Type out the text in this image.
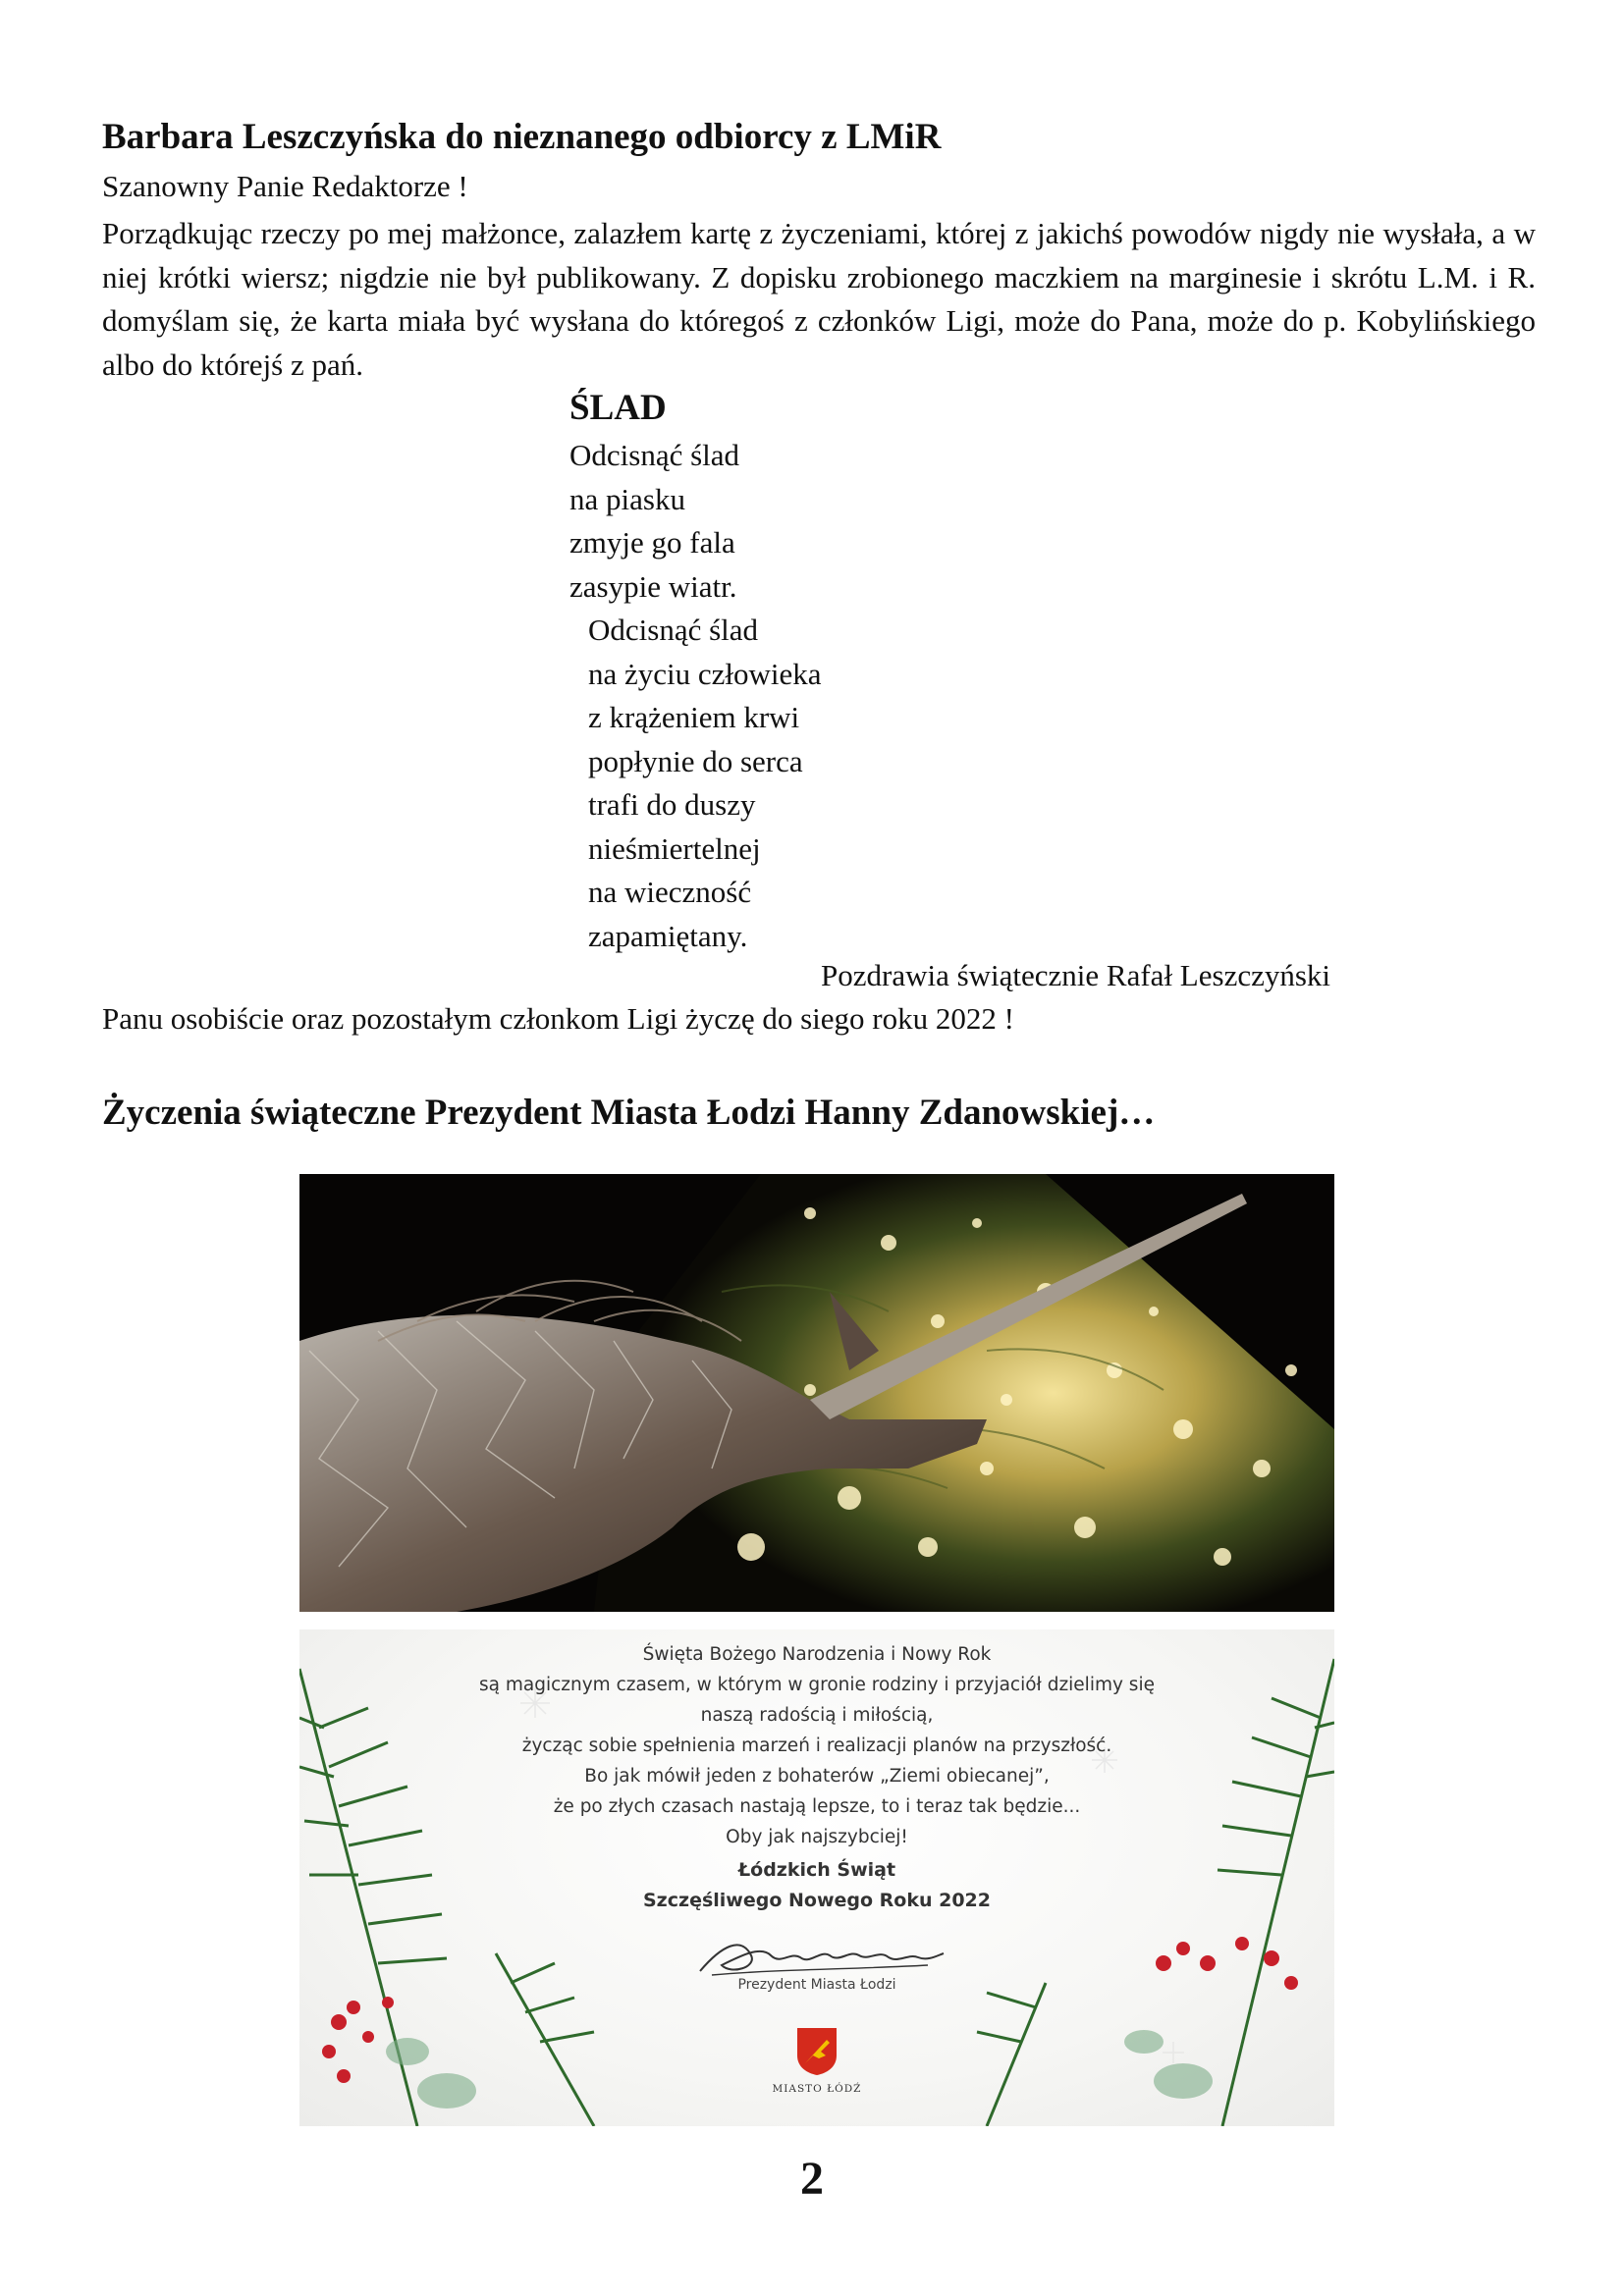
Barbara Leszczyńska do nieznanego odbiorcy z LMiR
Szanowny Panie Redaktorze !

Porządkując rzeczy po mej małżonce, zalazłem kartę z życzeniami, której z jakichś powodów nigdy nie wysłała, a w niej krótki wiersz; nigdzie nie był publikowany. Z dopisku zrobionego maczkiem na marginesie i skrótu L.M. i R. domyślam się, że karta miała być wysłana do któregoś z członków Ligi, może do Pana, może do p. Kobylińskiego albo do którejś z pań.

ŚLAD
Odcisnąć ślad
na piasku
zmyje go fala
zasypie wiatr.
Odcisnąć ślad
na życiu człowieka
z krążeniem krwi
popłynie do serca
trafi do duszy
nieśmiertelnej
na wieczność
zapamiętany.
Pozdrawia świątecznie Rafał Leszczyński
Panu osobiście oraz pozostałym członkom Ligi życzę do siego roku 2022 !
Życzenia świąteczne Prezydent Miasta Łodzi Hanny Zdanowskiej…
Święta Bożego Narodzenia i Nowy Rok
są magicznym czasem, w którym w gronie rodziny i przyjaciół dzielimy się
naszą radością i miłością,
życząc sobie spełnienia marzeń i realizacji planów na przyszłość.
Bo jak mówił jeden z bohaterów „Ziemi obiecanej”,
że po złych czasach nastają lepsze, to i teraz tak będzie...
Oby jak najszybciej!
Łódzkich Świąt
Szczęśliwego Nowego Roku 2022
Prezydent Miasta Łodzi
MIASTO ŁÓDŹ
2
